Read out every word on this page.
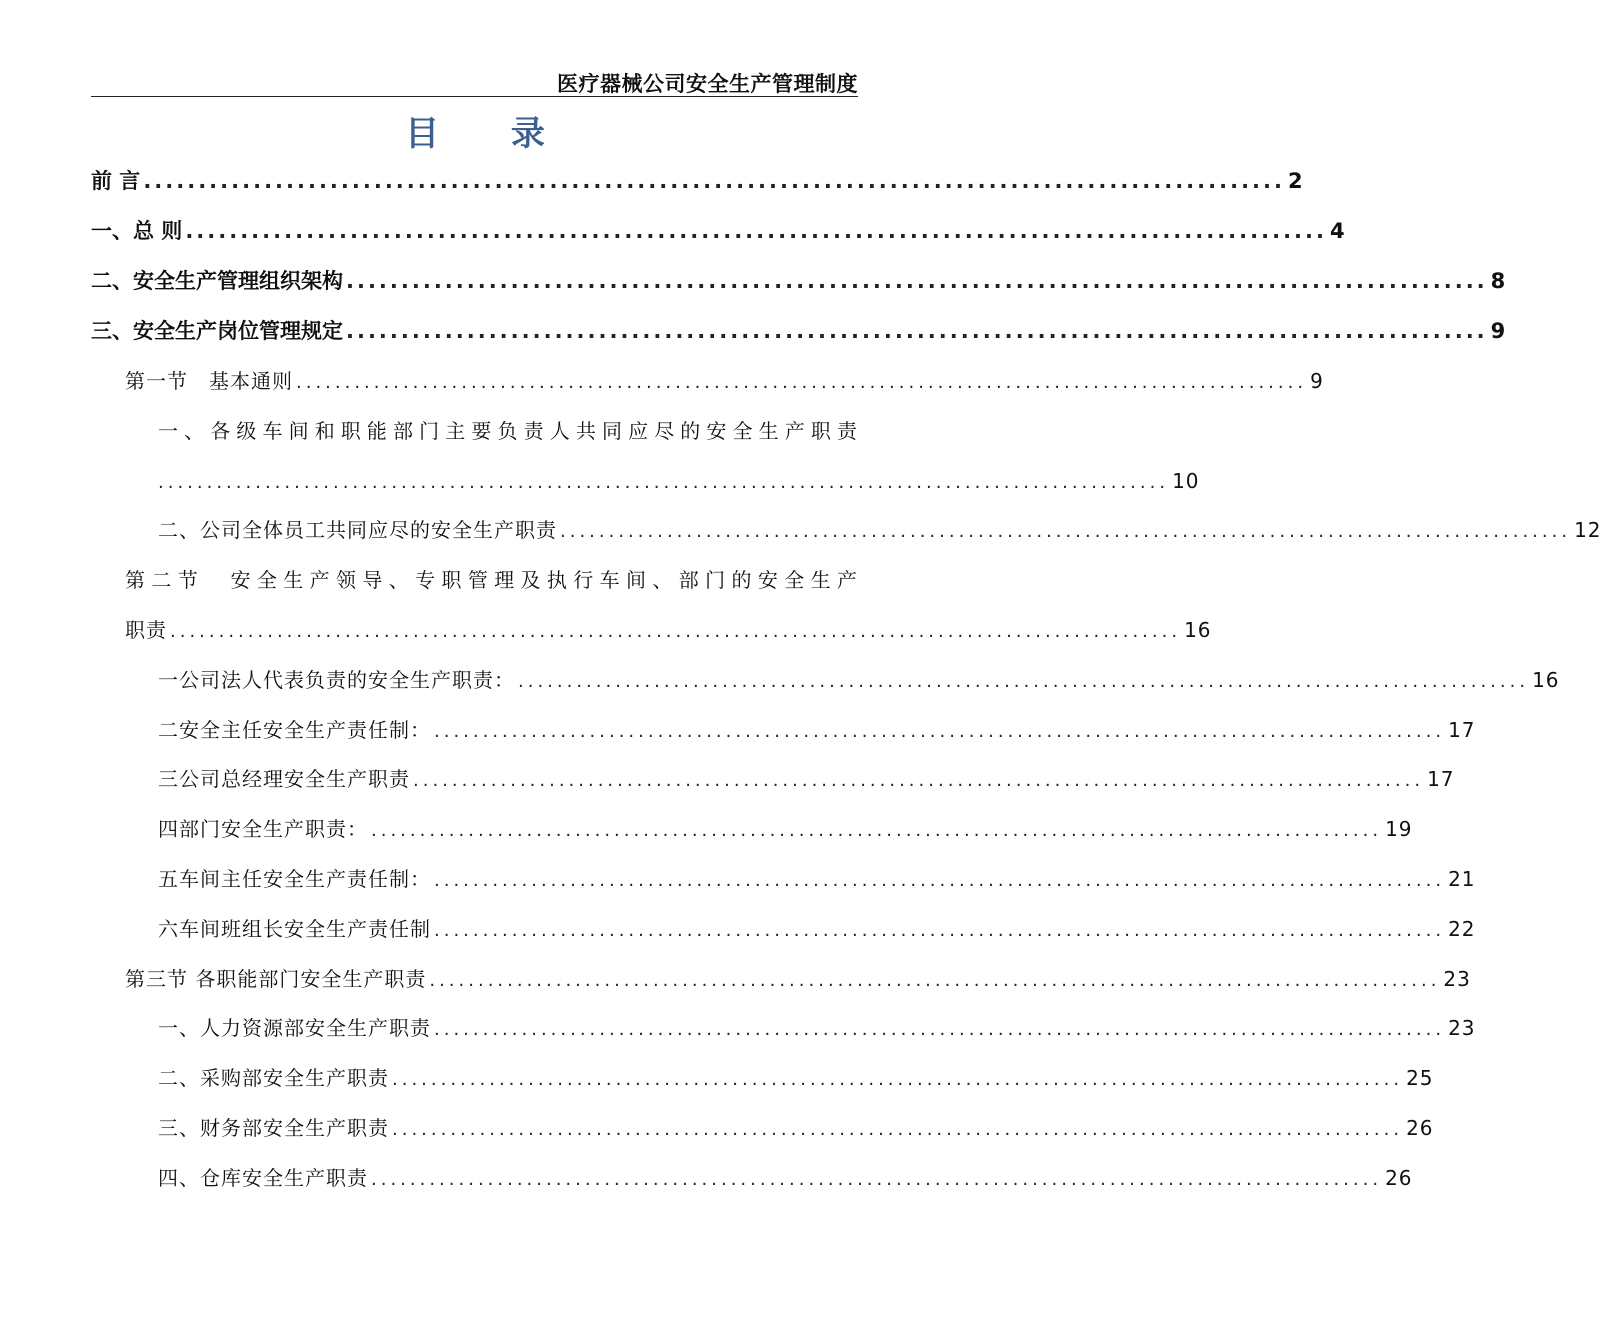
医疗器械公司安全生产管理制度
目 录
前 言 ........................................................................................................ 2
一、总 则 ........................................................................................................ 4
二、安全生产管理组织架构 ........................................................................................................ 8
三、安全生产岗位管理规定 ........................................................................................................ 9
第一节　基本通则 ........................................................................................................ 9
一、各级车间和职能部门主要负责人共同应尽的安全生产职责
........................................................................................................ 10
二、公司全体员工共同应尽的安全生产职责 ........................................................................................................ 12
第二节　安全生产领导、专职管理及执行车间、部门的安全生产
职责 ........................................................................................................ 16
一公司法人代表负责的安全生产职责： ........................................................................................................ 16
二安全主任安全生产责任制： ........................................................................................................ 17
三公司总经理安全生产职责 ........................................................................................................ 17
四部门安全生产职责： ........................................................................................................ 19
五车间主任安全生产责任制： ........................................................................................................ 21
六车间班组长安全生产责任制 ........................................................................................................ 22
第三节 各职能部门安全生产职责 ........................................................................................................ 23
一、人力资源部安全生产职责 ........................................................................................................ 23
二、采购部安全生产职责 ........................................................................................................ 25
三、财务部安全生产职责 ........................................................................................................ 26
四、仓库安全生产职责 ........................................................................................................ 26
